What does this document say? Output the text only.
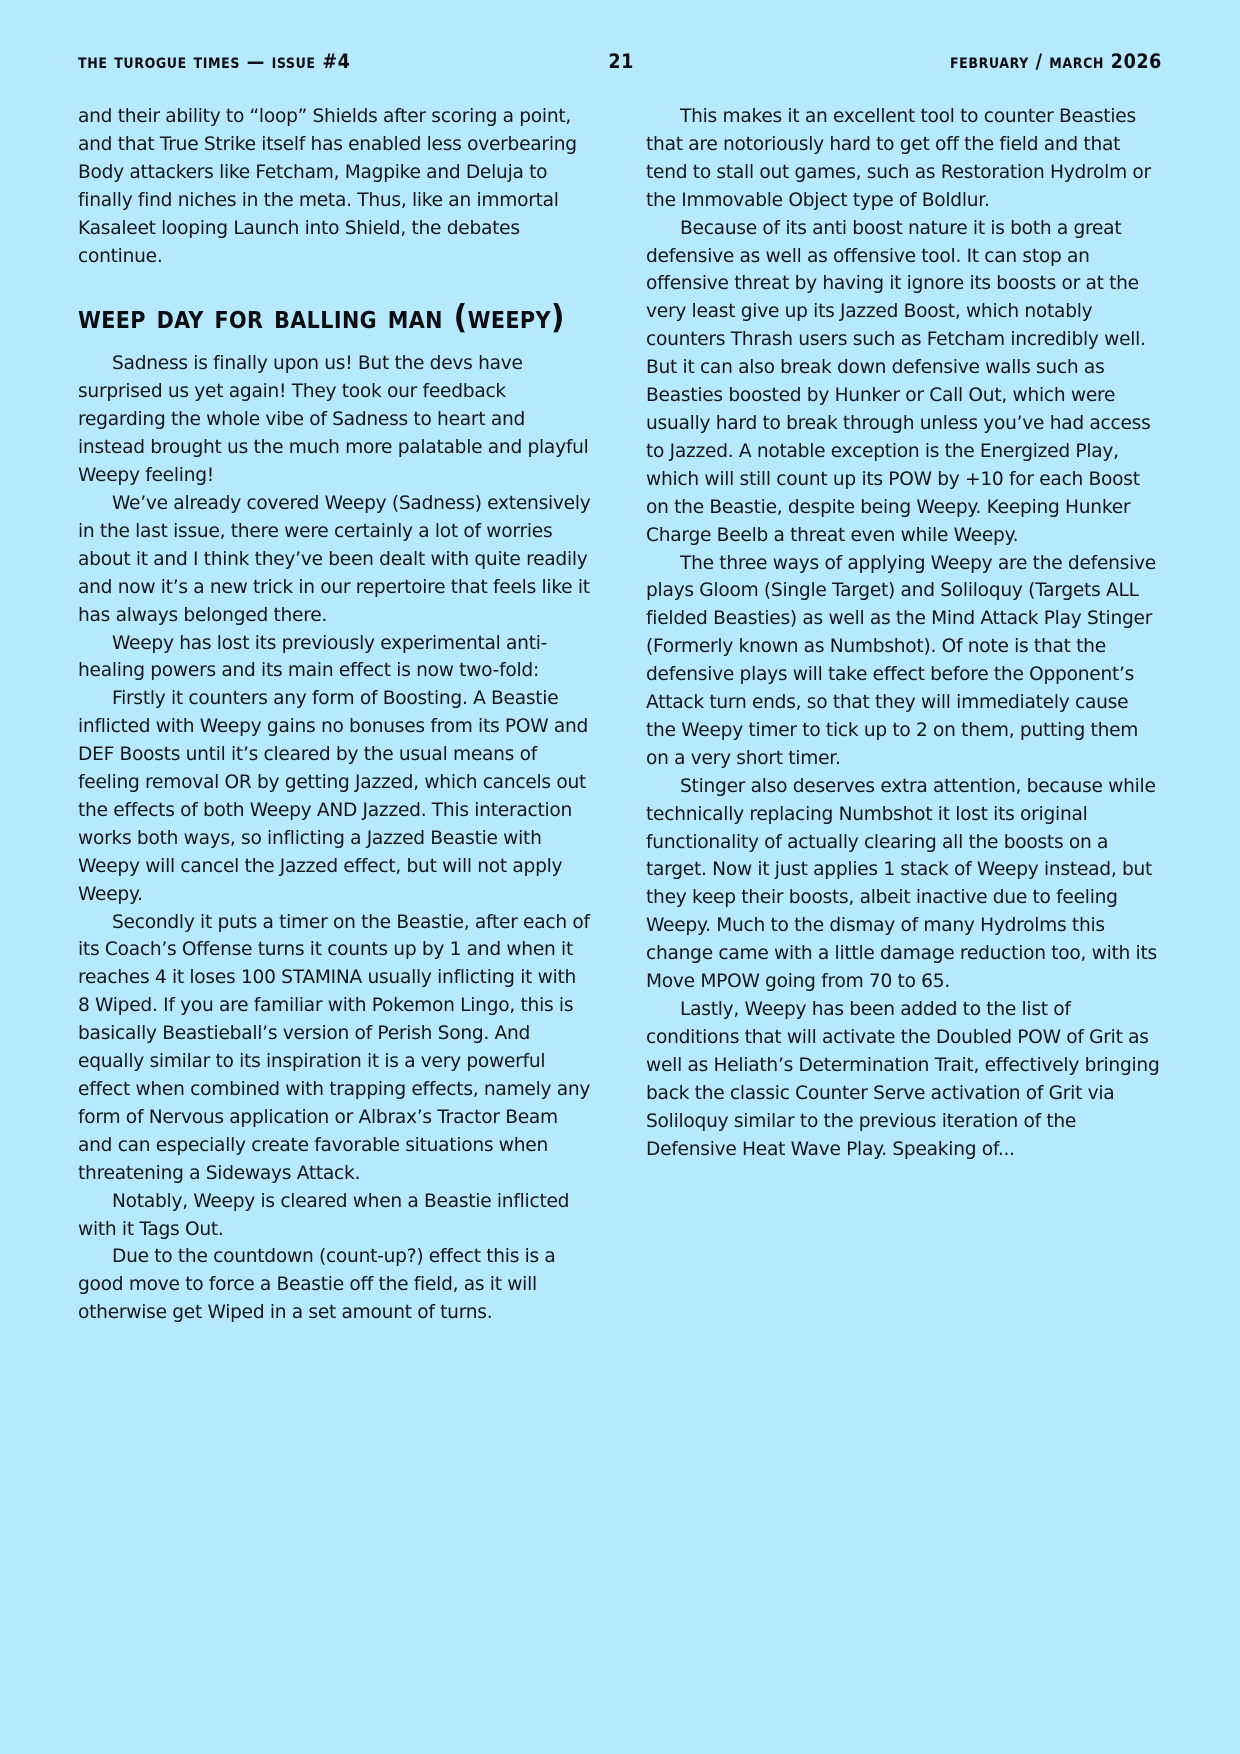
the turogue times — issue #4	21	february / march 2026

and their ability to “loop” Shields after scoring a point, and that True Strike itself has enabled less overbearing Body attackers like Fetcham, Magpike and Deluja to finally find niches in the meta. Thus, like an immortal Kasaleet looping Launch into Shield, the debates continue.

weep day for balling man (weepy)

Sadness is finally upon us! But the devs have surprised us yet again! They took our feedback regarding the whole vibe of Sadness to heart and instead brought us the much more palatable and playful Weepy feeling!

We’ve already covered Weepy (Sadness) extensively in the last issue, there were certainly a lot of worries about it and I think they’ve been dealt with quite readily and now it’s a new trick in our repertoire that feels like it has always belonged there.

Weepy has lost its previously experimental anti-healing powers and its main effect is now two-fold:

Firstly it counters any form of Boosting. A Beastie inflicted with Weepy gains no bonuses from its POW and DEF Boosts until it’s cleared by the usual means of feeling removal OR by getting Jazzed, which cancels out the effects of both Weepy AND Jazzed. This interaction works both ways, so inflicting a Jazzed Beastie with Weepy will cancel the Jazzed effect, but will not apply Weepy.

Secondly it puts a timer on the Beastie, after each of its Coach’s Offense turns it counts up by 1 and when it reaches 4 it loses 100 STAMINA usually inflicting it with 8 Wiped. If you are familiar with Pokemon Lingo, this is basically Beastieball’s version of Perish Song. And equally similar to its inspiration it is a very powerful effect when combined with trapping effects, namely any form of Nervous application or Albrax’s Tractor Beam and can especially create favorable situations when threatening a Sideways Attack.

Notably, Weepy is cleared when a Beastie inflicted with it Tags Out.

Due to the countdown (count-up?) effect this is a good move to force a Beastie off the field, as it will otherwise get Wiped in a set amount of turns.

This makes it an excellent tool to counter Beasties that are notoriously hard to get off the field and that tend to stall out games, such as Restoration Hydrolm or the Immovable Object type of Boldlur.

Because of its anti boost nature it is both a great defensive as well as offensive tool. It can stop an offensive threat by having it ignore its boosts or at the very least give up its Jazzed Boost, which notably counters Thrash users such as Fetcham incredibly well. But it can also break down defensive walls such as Beasties boosted by Hunker or Call Out, which were usually hard to break through unless you’ve had access to Jazzed. A notable exception is the Energized Play, which will still count up its POW by +10 for each Boost on the Beastie, despite being Weepy. Keeping Hunker Charge Beelb a threat even while Weepy.

The three ways of applying Weepy are the defensive plays Gloom (Single Target) and Soliloquy (Targets ALL fielded Beasties) as well as the Mind Attack Play Stinger (Formerly known as Numbshot). Of note is that the defensive plays will take effect before the Opponent’s Attack turn ends, so that they will immediately cause the Weepy timer to tick up to 2 on them, putting them on a very short timer.

Stinger also deserves extra attention, because while technically replacing Numbshot it lost its original functionality of actually clearing all the boosts on a target. Now it just applies 1 stack of Weepy instead, but they keep their boosts, albeit inactive due to feeling Weepy. Much to the dismay of many Hydrolms this change came with a little damage reduction too, with its Move MPOW going from 70 to 65.

Lastly, Weepy has been added to the list of conditions that will activate the Doubled POW of Grit as well as Heliath’s Determination Trait, effectively bringing back the classic Counter Serve activation of Grit via Soliloquy similar to the previous iteration of the Defensive Heat Wave Play. Speaking of...
